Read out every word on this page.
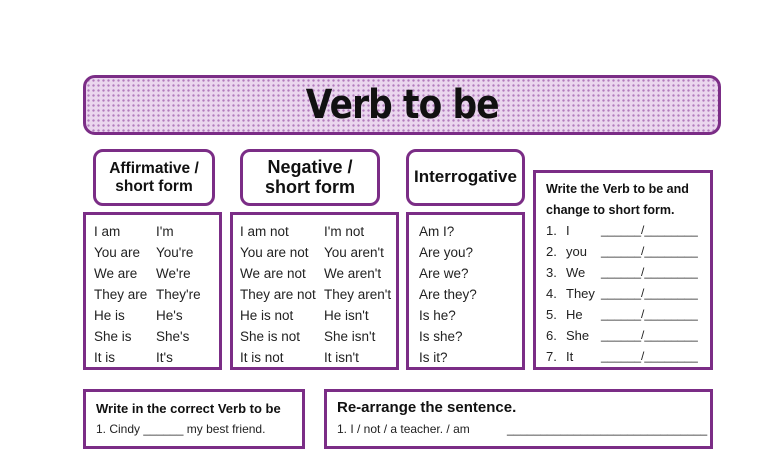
Verb to be
Affirmative /
short form
Negative /
short form	Interrogative
I am	I'm
You are You're
We are We're
They are They're
He is He's
She is She's
It is	It's
I am not	I'm not
You are not You aren't
We are not We aren't
They are not They aren't
He is not He isn't
She is not She isn't
It is not	It isn't
Am I?
Are you?
Are we?
Are they?
Is he?
Is she?
Is it?
Write the Verb to be and
change to short form.
1. I	______/________
2. you ______/________
3. We ______/________
4. They ______/________
5. He ______/________
6. She ______/________
7. It ______/________
Write in the correct Verb to be
1. Cindy ______ my best friend.
Re-arrange the sentence.
1. I / not / a teacher. / am	______________________________
